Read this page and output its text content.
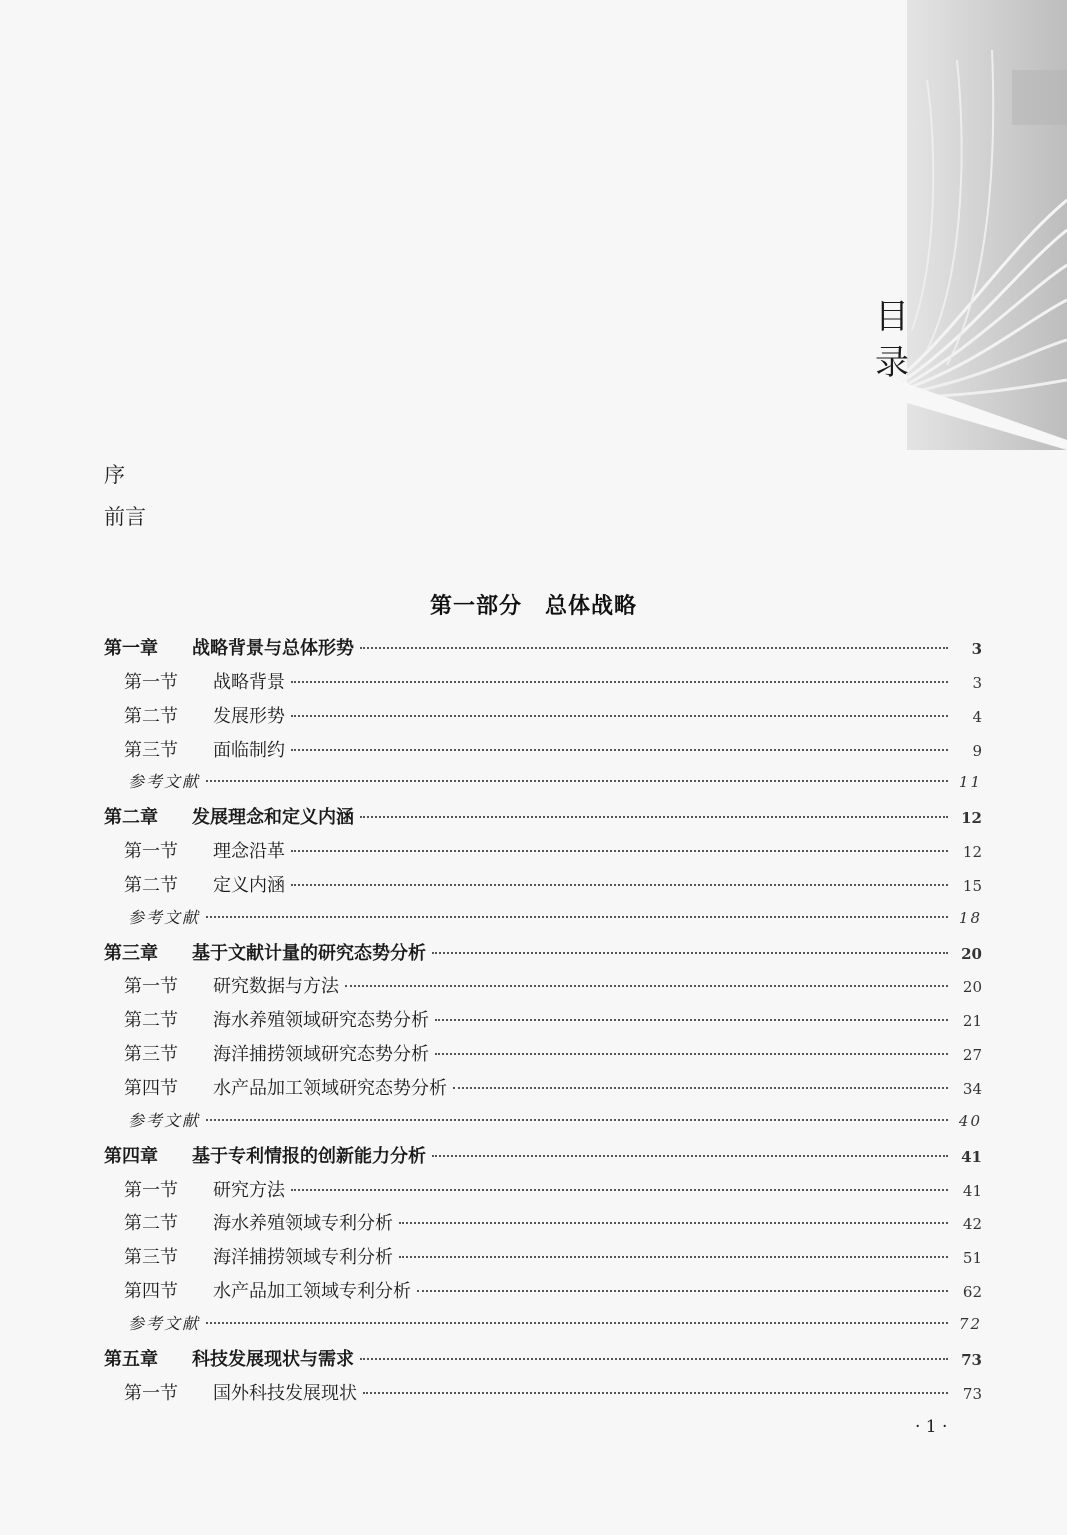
目录
序
前言
第一部分　总体战略
第一章 战略背景与总体形势	3
第一节 战略背景	3
第二节 发展形势	4
第三节 面临制约	9
参考文献	11
第二章 发展理念和定义内涵	12
第一节 理念沿革	12
第二节 定义内涵	15
参考文献	18
第三章 基于文献计量的研究态势分析	20
第一节 研究数据与方法	20
第二节 海水养殖领域研究态势分析	21
第三节 海洋捕捞领域研究态势分析	27
第四节 水产品加工领域研究态势分析	34
参考文献	40
第四章 基于专利情报的创新能力分析	41
第一节 研究方法	41
第二节 海水养殖领域专利分析	42
第三节 海洋捕捞领域专利分析	51
第四节 水产品加工领域专利分析	62
参考文献	72
第五章 科技发展现状与需求	73
第一节 国外科技发展现状	73
· 1 ·
